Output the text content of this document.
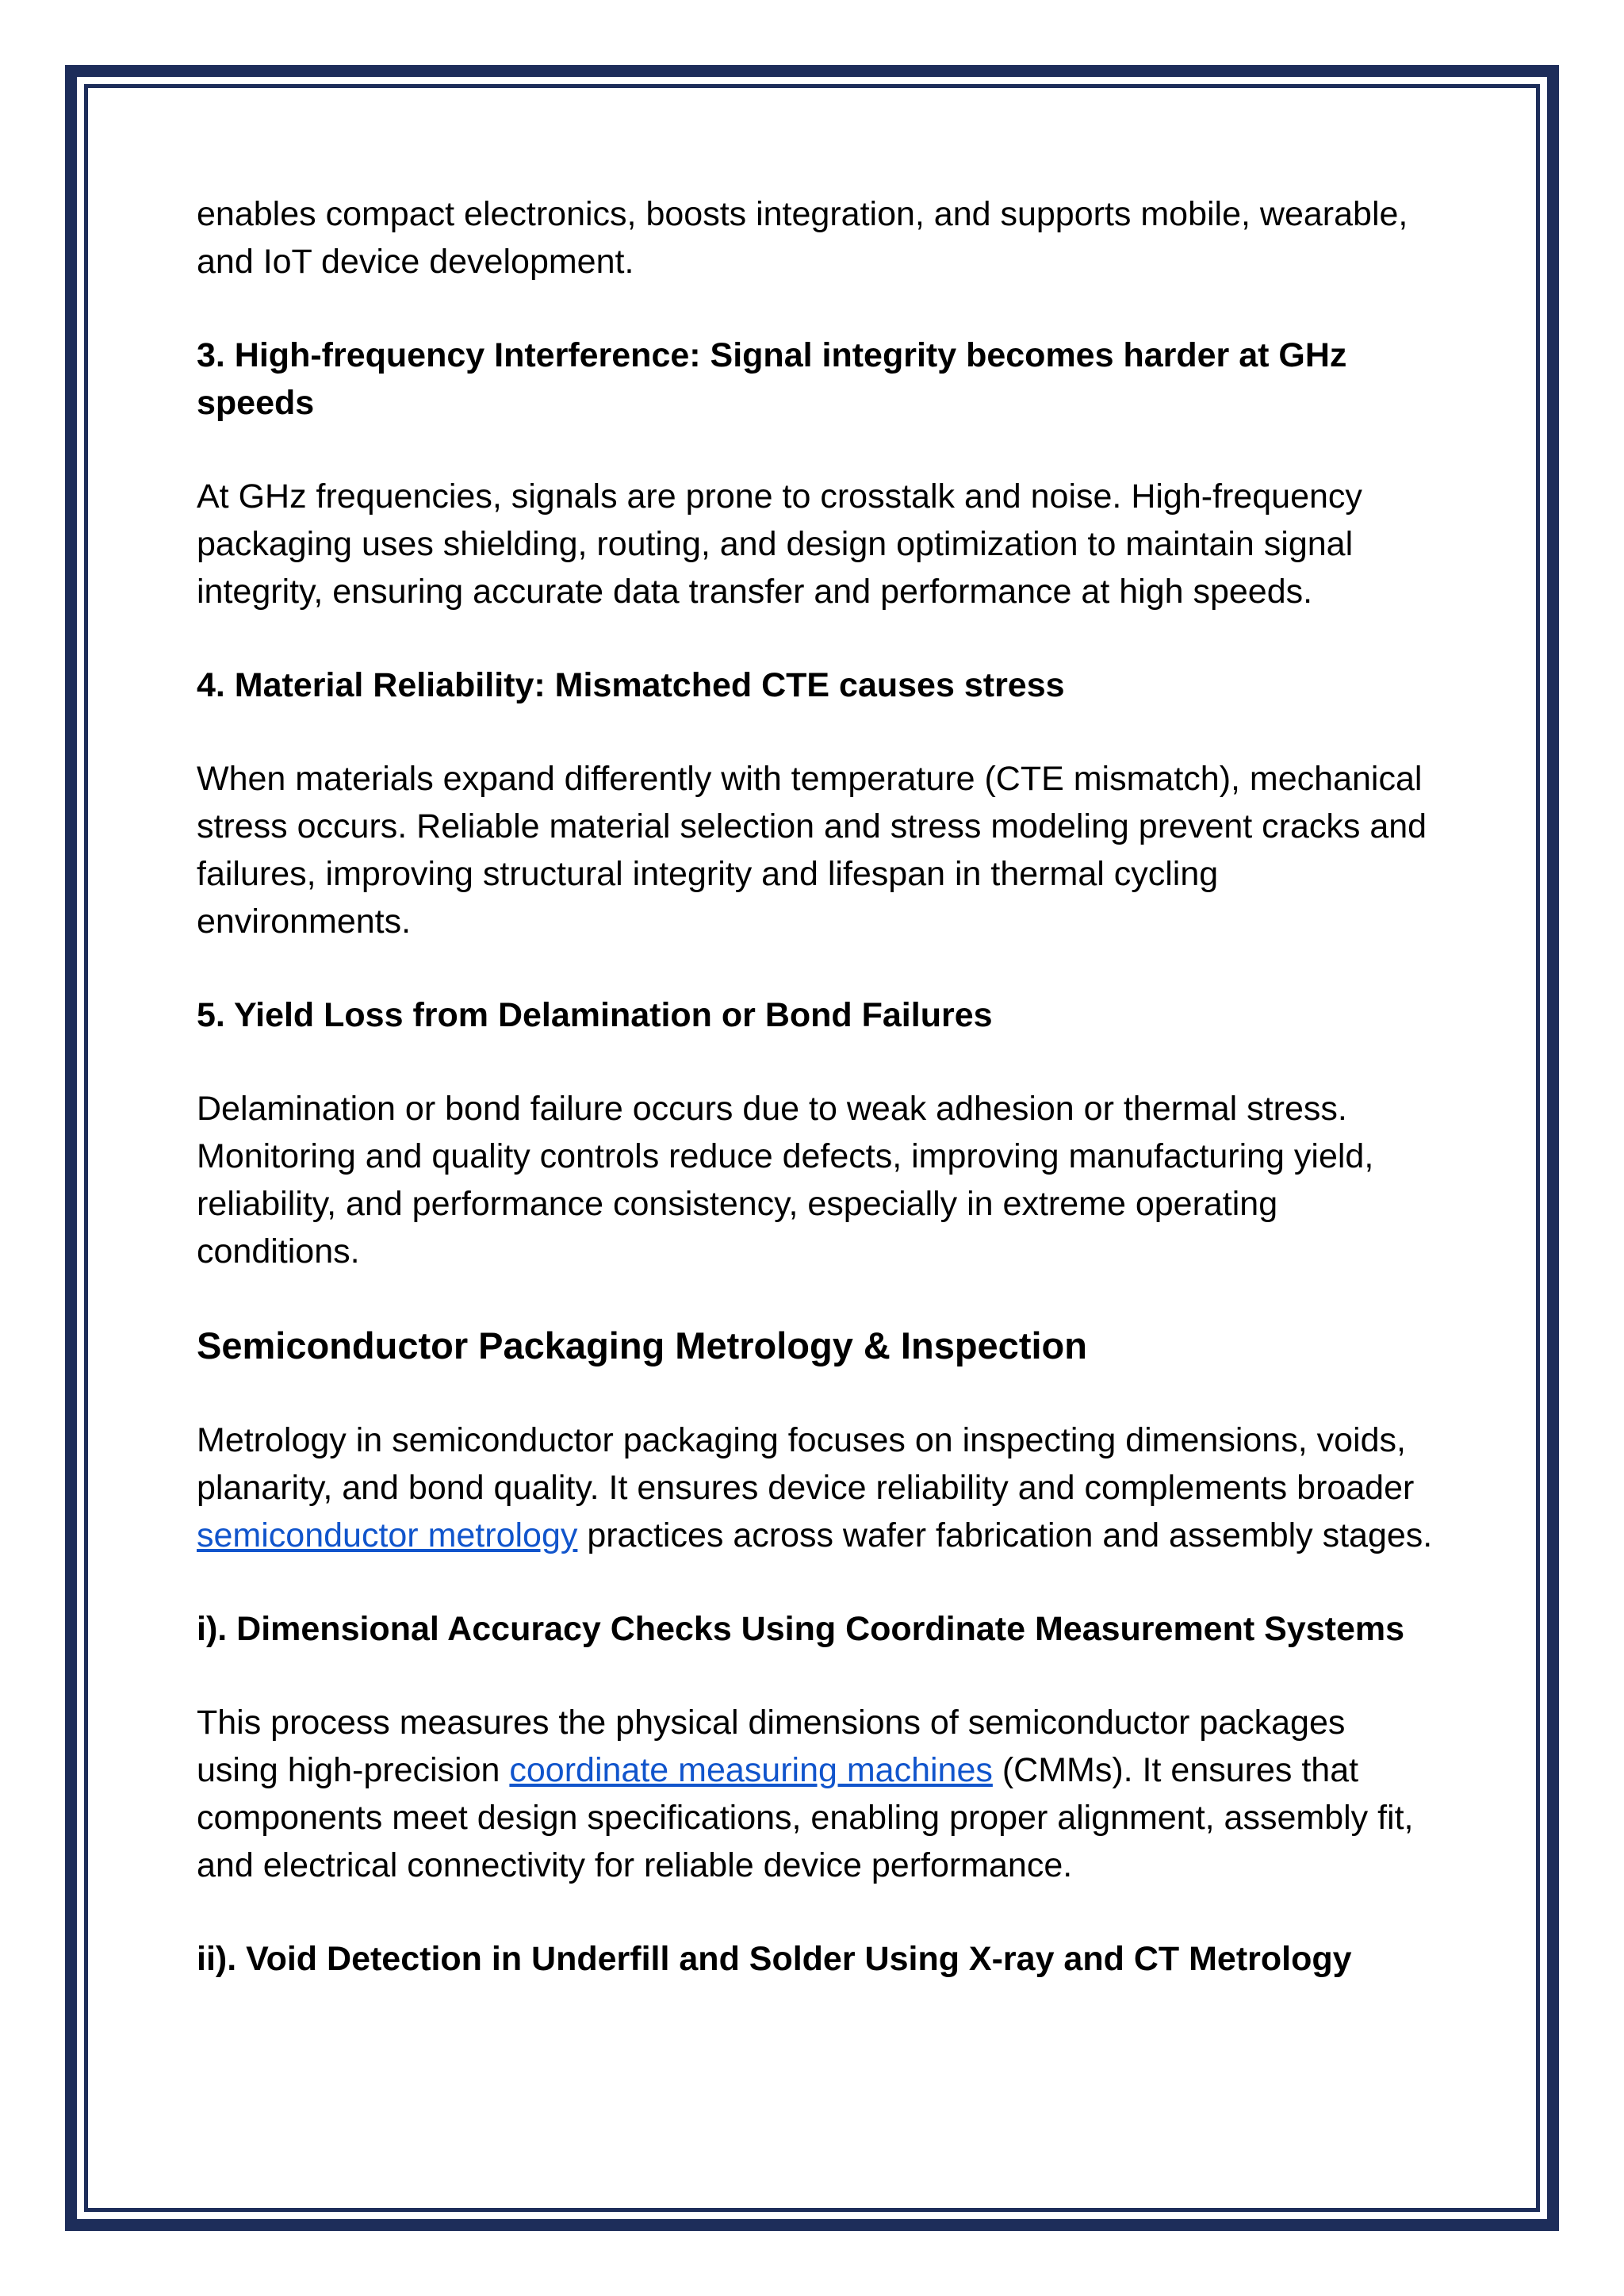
enables compact electronics, boosts integration, and supports mobile, wearable, and IoT device development.

3. High-frequency Interference: Signal integrity becomes harder at GHz speeds

At GHz frequencies, signals are prone to crosstalk and noise. High-frequency packaging uses shielding, routing, and design optimization to maintain signal integrity, ensuring accurate data transfer and performance at high speeds.

4. Material Reliability: Mismatched CTE causes stress

When materials expand differently with temperature (CTE mismatch), mechanical stress occurs. Reliable material selection and stress modeling prevent cracks and failures, improving structural integrity and lifespan in thermal cycling environments.

5. Yield Loss from Delamination or Bond Failures

Delamination or bond failure occurs due to weak adhesion or thermal stress. Monitoring and quality controls reduce defects, improving manufacturing yield, reliability, and performance consistency, especially in extreme operating conditions.

Semiconductor Packaging Metrology & Inspection

Metrology in semiconductor packaging focuses on inspecting dimensions, voids, planarity, and bond quality. It ensures device reliability and complements broader semiconductor metrology practices across wafer fabrication and assembly stages.

i). Dimensional Accuracy Checks Using Coordinate Measurement Systems

This process measures the physical dimensions of semiconductor packages using high-precision coordinate measuring machines (CMMs). It ensures that components meet design specifications, enabling proper alignment, assembly fit, and electrical connectivity for reliable device performance.

ii). Void Detection in Underfill and Solder Using X-ray and CT Metrology
